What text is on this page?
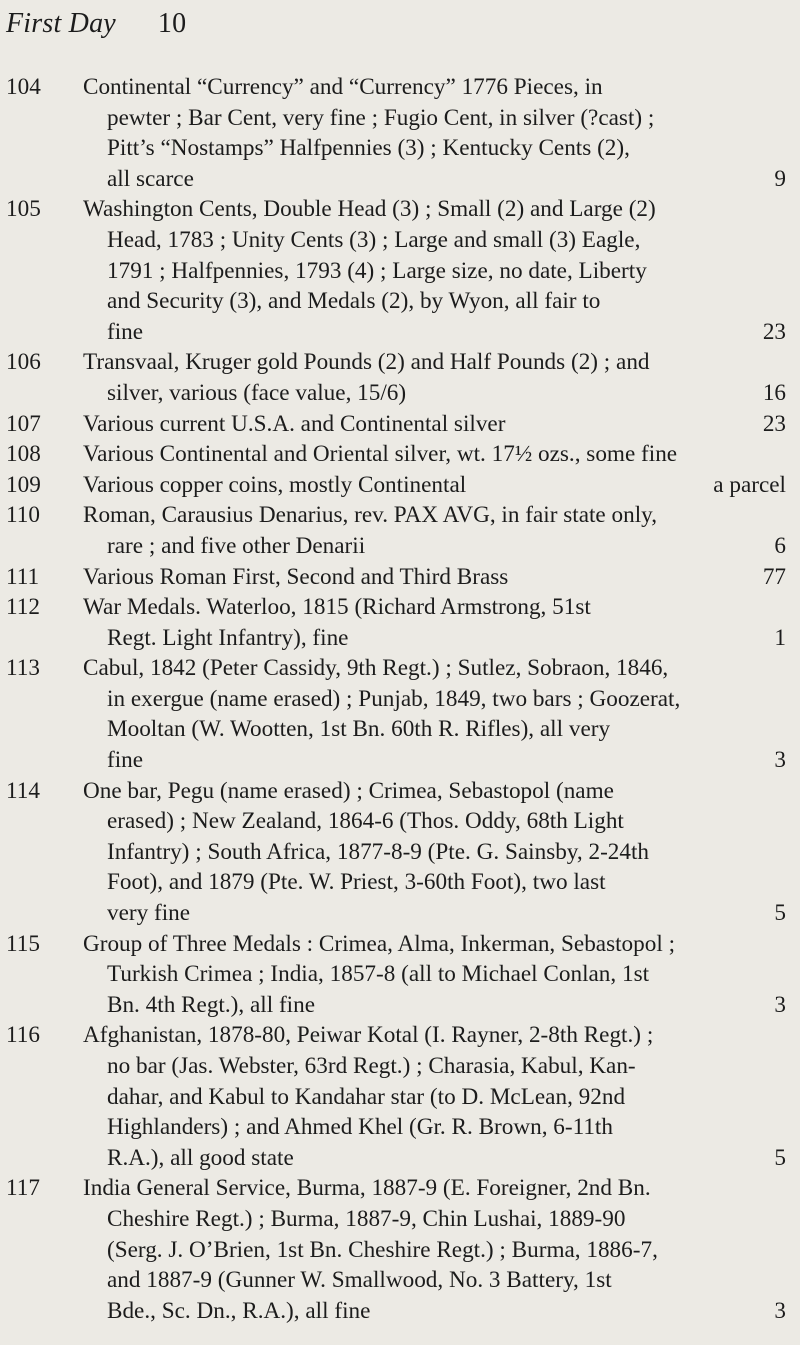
First Day 10
104	Continental “Currency” and “Currency” 1776 Pieces, in
pewter ; Bar Cent, very fine ; Fugio Cent, in silver (?cast) ;
Pitt’s “Nostamps” Halfpennies (3) ; Kentucky Cents (2),
all scarce	9
105	Washington Cents, Double Head (3) ; Small (2) and Large (2)
Head, 1783 ; Unity Cents (3) ; Large and small (3) Eagle,
1791 ; Halfpennies, 1793 (4) ; Large size, no date, Liberty
and Security (3), and Medals (2), by Wyon, all fair to
fine	23
106	Transvaal, Kruger gold Pounds (2) and Half Pounds (2) ; and
silver, various (face value, 15/6)	16
107	Various current U.S.A. and Continental silver	23
108	Various Continental and Oriental silver, wt. 17½ ozs., some fine
109	Various copper coins, mostly Continental	a parcel
110	Roman, Carausius Denarius, rev. PAX AVG, in fair state only,
rare ; and five other Denarii	6
111	Various Roman First, Second and Third Brass	77
112	War Medals. Waterloo, 1815 (Richard Armstrong, 51st
Regt. Light Infantry), fine	1
113	Cabul, 1842 (Peter Cassidy, 9th Regt.) ; Sutlez, Sobraon, 1846,
in exergue (name erased) ; Punjab, 1849, two bars ; Goozerat,
Mooltan (W. Wootten, 1st Bn. 60th R. Rifles), all very
fine	3
114	One bar, Pegu (name erased) ; Crimea, Sebastopol (name
erased) ; New Zealand, 1864-6 (Thos. Oddy, 68th Light
Infantry) ; South Africa, 1877-8-9 (Pte. G. Sainsby, 2-24th
Foot), and 1879 (Pte. W. Priest, 3-60th Foot), two last
very fine	5
115	Group of Three Medals : Crimea, Alma, Inkerman, Sebastopol ;
Turkish Crimea ; India, 1857-8 (all to Michael Conlan, 1st
Bn. 4th Regt.), all fine	3
116	Afghanistan, 1878-80, Peiwar Kotal (I. Rayner, 2-8th Regt.) ;
no bar (Jas. Webster, 63rd Regt.) ; Charasia, Kabul, Kan-
dahar, and Kabul to Kandahar star (to D. McLean, 92nd
Highlanders) ; and Ahmed Khel (Gr. R. Brown, 6-11th
R.A.), all good state	5
117	India General Service, Burma, 1887-9 (E. Foreigner, 2nd Bn.
Cheshire Regt.) ; Burma, 1887-9, Chin Lushai, 1889-90
(Serg. J. O’Brien, 1st Bn. Cheshire Regt.) ; Burma, 1886-7,
and 1887-9 (Gunner W. Smallwood, No. 3 Battery, 1st
Bde., Sc. Dn., R.A.), all fine	3
